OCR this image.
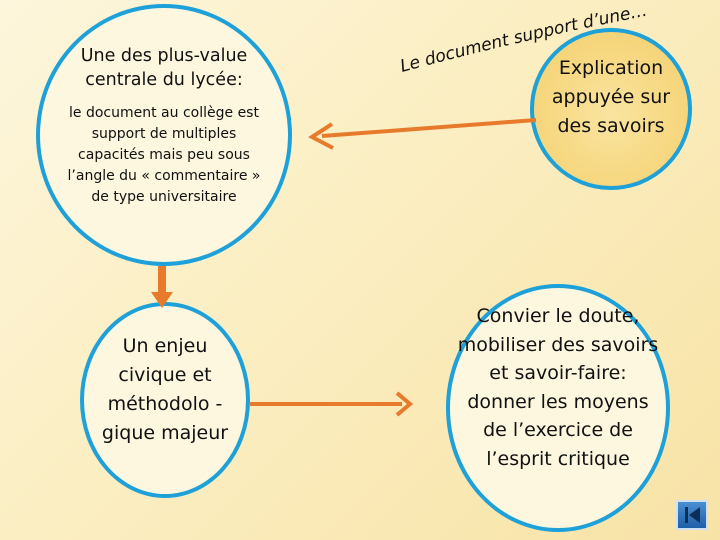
Une des plus-value centrale du lycée:
le document au collège est support de multiples capacités mais peu sous l’angle du « commentaire » de type universitaire
Explication appuyée sur des savoirs
Un enjeu civique et méthodolo -gique majeur
Convier le doute, mobiliser des savoirs et savoir-faire: donner les moyens de l’exercice de l’esprit critique
Le document support d’une…
